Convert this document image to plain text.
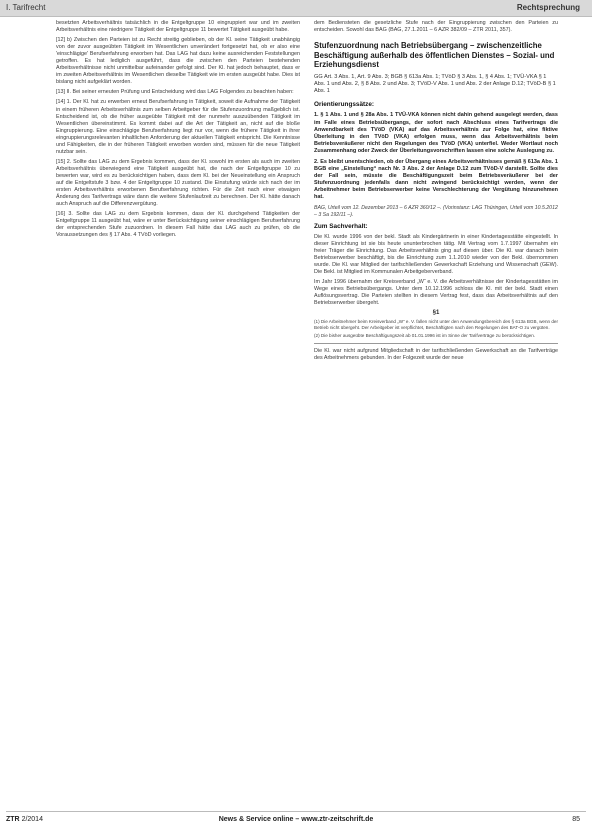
I. Tarifrecht	Rechtsprechung

besetzten Arbeitsverhältnis tatsächlich in die Entgeltgruppe 10 eingruppiert war und im zweiten Arbeitsverhältnis eine niedrigere Tätigkeit der Entgeltgruppe 11 bewertet Tätigkeit ausgeübt habe.

[12] b) Zwischen den Parteien ist zu Recht streitig geblieben, ob der Kl. seine Tätigkeit unabhängig von der zuvor ausgeübten Tätigkeit im Wesentlichen unverändert fortgesetzt hat, ob er also eine 'einschlägige' Berufserfahrung erworben hat. Das LAG hat dazu keine ausreichenden Feststellungen getroffen. Es hat lediglich ausgeführt, dass die zwischen den Parteien bestehenden Arbeitsverhältnisse nicht unmittelbar aufeinander gefolgt sind. Der Kl. hat jedoch behauptet, dass er im zweiten Arbeitsverhältnis im Wesentlichen dieselbe Tätigkeit wie im ersten ausgeübt habe. Dies ist bislang nicht aufgeklärt worden.

[13] II. Bei seiner erneuten Prüfung und Entscheidung wird das LAG Folgendes zu beachten haben:

[14] 1. Der Kl. hat zu erwerben erneut Berufserfahrung in Tätigkeit, soweit die Aufnahme der Tätigkeit in einem früheren Arbeitsverhältnis zum selben Arbeitgeber für die Stufenzuordnung maßgeblich ist. Entscheidend ist, ob die früher ausgeübte Tätigkeit mit der nunmehr auszuübenden Tätigkeit im Wesentlichen übereinstimmt. Es kommt dabei auf die Art der Tätigkeit an, nicht auf die bloße Eingruppierung. Eine einschlägige Berufserfahrung liegt nur vor, wenn die frühere Tätigkeit in ihrer eingruppierungsrelevanten inhaltlichen Anforderung der aktuellen Tätigkeit entspricht. Die Kenntnisse und Fähigkeiten, die in der früheren Tätigkeit erworben worden sind, müssen für die neue Tätigkeit nutzbar sein.

[15] 2. Sollte das LAG zu dem Ergebnis kommen, dass der Kl. sowohl im ersten als auch im zweiten Arbeitsverhältnis überwiegend eine Tätigkeit ausgeübt hat, die nach der Entgeltgruppe 10 zu bewerten war, wird es zu berücksichtigen haben, dass dem Kl. bei der Neueinstellung ein Anspruch auf die Entgeltstufe 3 bzw. 4 der Entgeltgruppe 10 zustand. Die Einstufung würde sich nach der im ersten Arbeitsverhältnis erworbenen Berufserfahrung richten. Für die Zeit nach einer etwaigen Änderung des Tarifvertrags wäre dann die weitere Stufenlaufzeit zu berechnen. Der Kl. hätte danach auch Anspruch auf die Differenzvergütung.

[16] 3. Sollte das LAG zu dem Ergebnis kommen, dass der Kl. durchgehend Tätigkeiten der Entgeltgruppe 11 ausgeübt hat, wäre er unter Berücksichtigung seiner einschlägigen Berufserfahrung der entsprechenden Stufe zuzuordnen. In diesem Fall hätte das LAG auch zu prüfen, ob die Voraussetzungen des § 17 Abs. 4 TVöD vorliegen.

dem Bediensteten die gesetzliche Stufe nach der Eingruppierung zwischen den Parteien zu entscheiden. Sowohl das BAG (BAG, 27.1.2011 – 6 AZR 382/09 – ZTR 2011, 357).

Stufenzuordnung nach Betriebsübergang – zwischenzeitliche Beschäftigung außerhalb des öffentlichen Dienstes – Sozial- und Erziehungsdienst
GG Art. 3 Abs. 1, Art. 9 Abs. 3; BGB § 613a Abs. 1; TVöD § 3 Abs. 1, § 4 Abs. 1; TVÜ-VKA § 1 Abs. 1 und Abs. 2, § 8 Abs. 2 und Abs. 3; TVöD-V Abs. 1 und Abs. 2 der Anlage D.12; TVöD-B § 1 Abs. 1
Orientierungssätze:

1. § 1 Abs. 1 und § 28a Abs. 1 TVÜ-VKA können nicht dahin gehend ausgelegt werden, dass im Falle eines Betriebsübergangs, der sofort nach Abschluss eines Tarifvertrags die Anwendbarkeit des TVöD (VKA) auf das Arbeitsverhältnis zur Folge hat, eine fiktive Überleitung in den TVöD (VKA) erfolgen muss, wenn das Arbeitsverhältnis beim Betriebsveräußerer nicht den Regelungen des TVöD (VKA) unterfiel. Weder Wortlaut noch Zusammenhang oder Zweck der Überleitungsvorschriften lassen eine solche Auslegung zu.

2. Es bleibt unentschieden, ob der Übergang eines Arbeitsverhältnisses gemäß § 613a Abs. 1 BGB eine „Einstellung“ nach Nr. 3 Abs. 2 der Anlage D.12 zum TVöD-V darstellt. Sollte dies der Fall sein, müsste die Beschäftigungszeit beim Betriebsveräußerer bei der Stufenzuordnung jedenfalls dann nicht zwingend berücksichtigt werden, wenn der Arbeitnehmer beim Betriebserwerber keine Verschlechterung der Vergütung hinzunehmen hat.

BAG, Urteil vom 12. Dezember 2013 – 6 AZR 360/12 –. (Vorinstanz: LAG Thüringen, Urteil vom 10.5.2012 – 3 Sa 192/11 –).

Zum Sachverhalt:

Die Kl. wurde 1996 von der bekl. Stadt als Kindergärtnerin in einer Kindertagesstätte eingestellt. In dieser Einrichtung ist sie bis heute ununterbrochen tätig. Mit Vertrag vom 1.7.1997 übernahm ein freier Träger die Einrichtung. Das Arbeitsverhältnis ging auf diesen über. Die Kl. war danach beim Betriebserwerber beschäftigt, bis die Einrichtung zum 1.1.2010 wieder von der Bekl. übernommen wurde. Die Kl. war Mitglied der tarifschließenden Gewerkschaft Erziehung und Wissenschaft (GEW). Die Bekl. ist Mitglied im Kommunalen Arbeitgeberverband.

Im Jahr 1996 übernahm der Kreisverband „W“ e. V. die Arbeitsverhältnisse der Kindertagesstätten im Wege eines Betriebsübergangs. Unter dem 10.12.1996 schloss die Kl. mit der bekl. Stadt einen Auflösungsvertrag. Die Parteien stellten in diesem Vertrag fest, dass das Arbeitsverhältnis auf den Betriebserwerber übergeht.

§1

(1) Die Arbeitnehmer beim Kreisverband „W“ e. V. fallen nicht unter den Anwendungsbereich des § 613a BGB, wenn der Betrieb nicht übergeht. Der Arbeitgeber ist verpflichtet, Beschäftigten nach den Regelungen des BAT-O zu vergüten.

(2) Die bisher ausgeübte Beschäftigungszeit ab 01.01.1996 ist im Sinne der Tarifverträge zu berücksichtigen.

Die Kl. war nicht aufgrund Mitgliedschaft in der tarifschließenden Gewerkschaft an die Tarifverträge des Arbeitnehmers gebunden. In der Folgezeit wurde der neue

ZTR 2/2014	News & Service online – www.ztr-zeitschrift.de	85
